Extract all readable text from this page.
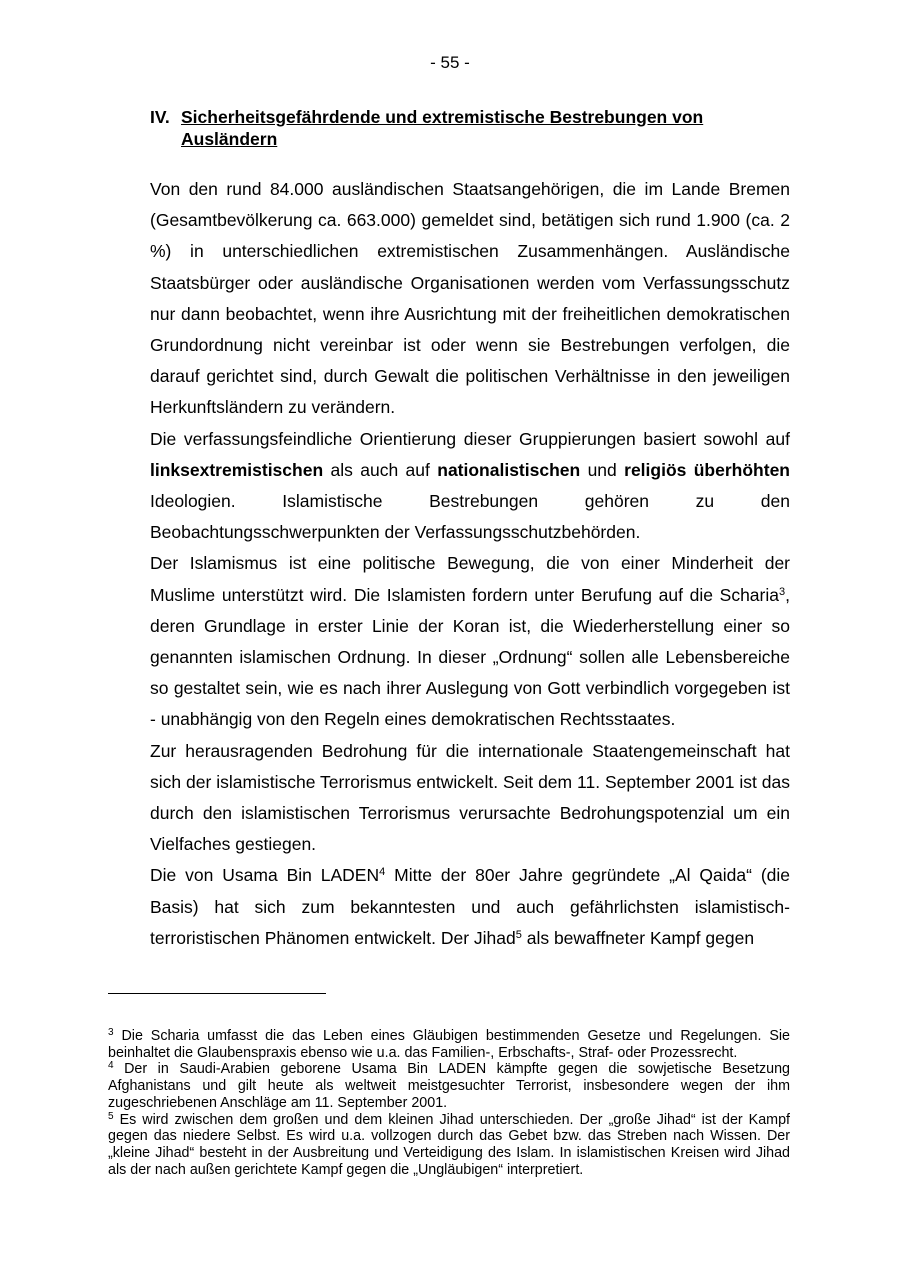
- 55 -
IV. Sicherheitsgefährdende und extremistische Bestrebungen von Ausländern

Von den rund 84.000 ausländischen Staatsangehörigen, die im Lande Bremen (Gesamtbevölkerung ca. 663.000) gemeldet sind, betätigen sich rund 1.900 (ca. 2 %) in unterschiedlichen extremistischen Zusammenhängen. Ausländische Staatsbürger oder ausländische Organisationen werden vom Verfassungsschutz nur dann beobachtet, wenn ihre Ausrichtung mit der freiheitlichen demokratischen Grundordnung nicht vereinbar ist oder wenn sie Bestrebungen verfolgen, die darauf gerichtet sind, durch Gewalt die politischen Verhältnisse in den jeweiligen Herkunftsländern zu verändern.

Die verfassungsfeindliche Orientierung dieser Gruppierungen basiert sowohl auf linksextremistischen als auch auf nationalistischen und religiös überhöhten Ideologien. Islamistische Bestrebungen gehören zu den Beobachtungsschwerpunkten der Verfassungsschutzbehörden.

Der Islamismus ist eine politische Bewegung, die von einer Minderheit der Muslime unterstützt wird. Die Islamisten fordern unter Berufung auf die Scharia$^3$, deren Grundlage in erster Linie der Koran ist, die Wiederherstellung einer so genannten islamischen Ordnung. In dieser „Ordnung“ sollen alle Lebensbereiche so gestaltet sein, wie es nach ihrer Auslegung von Gott verbindlich vorgegeben ist - unabhängig von den Regeln eines demokratischen Rechtsstaates.

Zur herausragenden Bedrohung für die internationale Staatengemeinschaft hat sich der islamistische Terrorismus entwickelt. Seit dem 11. September 2001 ist das durch den islamistischen Terrorismus verursachte Bedrohungspotenzial um ein Vielfaches gestiegen.

Die von Usama Bin LADEN$^4$ Mitte der 80er Jahre gegründete „Al Qaida“ (die Basis) hat sich zum bekanntesten und auch gefährlichsten islamistisch-terroristischen Phänomen entwickelt. Der Jihad$^5$ als bewaffneter Kampf gegen

$^3$ Die Scharia umfasst die das Leben eines Gläubigen bestimmenden Gesetze und Regelungen. Sie beinhaltet die Glaubenspraxis ebenso wie u.a. das Familien-, Erbschafts-, Straf- oder Prozessrecht.

$^4$ Der in Saudi-Arabien geborene Usama Bin LADEN kämpfte gegen die sowjetische Besetzung Afghanistans und gilt heute als weltweit meistgesuchter Terrorist, insbesondere wegen der ihm zugeschriebenen Anschläge am 11. September 2001.

$^5$ Es wird zwischen dem großen und dem kleinen Jihad unterschieden. Der „große Jihad“ ist der Kampf gegen das niedere Selbst. Es wird u.a. vollzogen durch das Gebet bzw. das Streben nach Wissen. Der „kleine Jihad“ besteht in der Ausbreitung und Verteidigung des Islam. In islamistischen Kreisen wird Jihad als der nach außen gerichtete Kampf gegen die „Ungläubigen“ interpretiert.
